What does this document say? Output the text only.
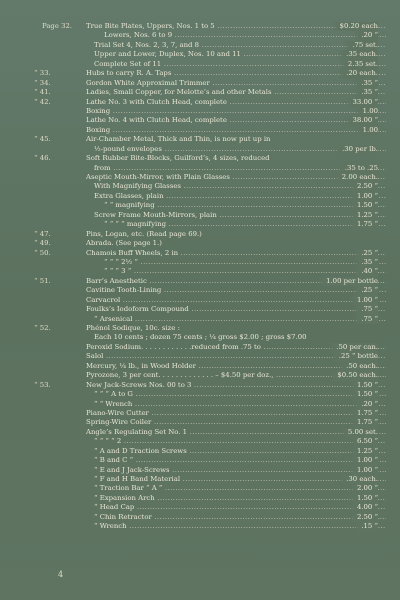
Page 32.	True Bite Plates, Uppers, Nos. 1 to 5 .....	$0.20 each
Lowers, Nos. 6 to 9 .....	.20 “
Trial Set 4, Nos. 2, 3, 7, and 8 .....	.75 set.
Upper and Lower, Duplex, Nos. 10 and 11 .....	.35 each.
Complete Set of 11 .....	2.35 set.
“ 33.	Hubs to carry R. A. Taps .....	.20 each.
“ 34.	Gordon White Approximal Trimmer .....	.35 “
“ 41.	Ladies, Small Copper, for Melotte’s and other Metals .....	.35 “
“ 42.	Lathe No. 3 with Clutch Head, complete .....	33.00 “
Boxing .....	1.00
Lathe No. 4 with Clutch Head, complete .....	38.00 “
Boxing .....	1.00
“ 45.	Air-Chamber Metal, Thick and Thin, is now put up in
½-pound envelopes .....	.30 per lb.
“ 46.	Soft Rubber Bite-Blocks, Guilford’s, 4 sizes, reduced
from .....	.35 to .25
Aseptic Mouth-Mirror, with Plain Glasses .....	2.00 each.
With Magnifying Glasses .....	2.50 “
Extra Glasses, plain .....	1.00 “
“ “ magnifying .....	1.50 “
Screw Frame Mouth-Mirrors, plain .....	1.25 “
“ “ “ “ magnifying .....	1.75 “
“ 47.	Pins, Logan, etc. (Read page 69.)
“ 49.	Abrada. (See page 1.)
“ 50.	Chamois Buff Wheels, 2 in .....	.25 “
“ “ “ 2½ “ .....	.35 “
“ “ “ 3 “ .....	.40 “
“ 51.	Barr’s Anesthetic .....	1.00 per bottle
Cavitine Tooth-Lining .....	.25 “
Carvacrol .....	1.00 “
Foulks’s Iodoform Compound .....	.75 “
“ Arsenical .....	.75 “
“ 52.	Phénol Sodique, 10c. size :
Each 10 cents ; dozen 75 cents ; ¼ gross $2.00 ; gross $7.00
Peroxid Sodium. . . . . . . . . . . .reduced from .75 to .....	.50 per can.
Salol .....	.25 “ bottle
Mercury, ¼ lb., in Wood Holder .....	.50 each.
Pyrozone, 3 per cent. . . . . . . . . . . . . – $4.50 per doz., .....	$0.50 each.
“ 53.	New Jack-Screws Nos. 00 to 3 .....	1.50 “
“ “ “ A to G .....	1.50 “
“ “ Wrench .....	.20 “
Piano-Wire Cutter .....	1.75 “
Spring-Wire Coiler .....	1.75 “
Angle’s Regulating Set No. 1 .....	5.00 set.
“ “ “ “ 2 .....	6.50 “
“ A and D Traction Screws .....	1.25 “
“ B and C “ .....	1.00 “
“ E and J Jack-Screws .....	1.00 “
“ F and H Band Material .....	.30 each.
“ Traction Bar “ A ” .....	2.00 “
“ Expansion Arch .....	1.50 “
“ Head Cap .....	4.00 “
“ Chin Retractor .....	2.50 “
“ Wrench .....	.15 “
4
